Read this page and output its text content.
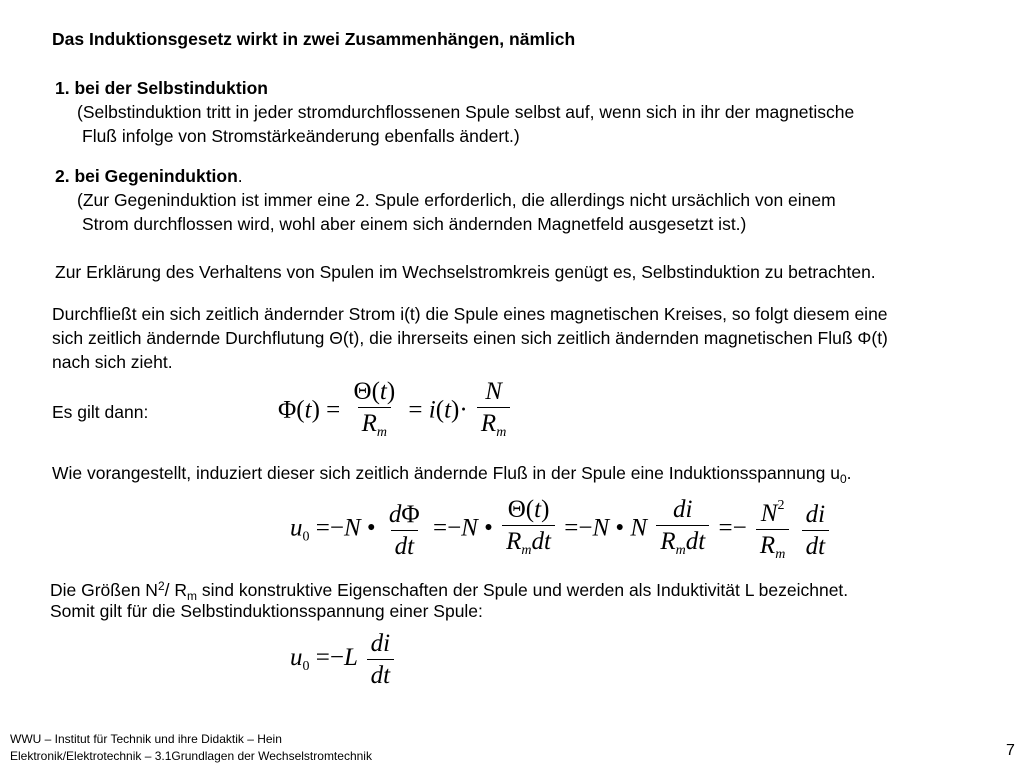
Das Induktionsgesetz wirkt in zwei Zusammenhängen, nämlich
1. bei der Selbstinduktion
(Selbstinduktion tritt in jeder stromdurchflossenen Spule selbst auf, wenn sich in ihr der magnetische
Fluß infolge von Stromstärkeänderung ebenfalls ändert.)
2. bei Gegeninduktion.
(Zur Gegeninduktion ist immer eine 2. Spule erforderlich, die allerdings nicht ursächlich von einem
Strom durchflossen wird, wohl aber einem sich ändernden Magnetfeld ausgesetzt ist.)
Zur Erklärung des Verhaltens von Spulen im Wechselstromkreis genügt es, Selbstinduktion zu betrachten.
Durchfließt ein sich zeitlich ändernder Strom i(t) die Spule eines magnetischen Kreises, so folgt diesem eine
sich zeitlich ändernde Durchflutung Θ(t), die ihrerseits einen sich zeitlich ändernden magnetischen Fluß Φ(t)
nach sich zieht.
Es gilt dann:	$\Phi(t) = \frac{\Theta(t)}{R_m} = i(t)\cdot \frac{N}{R_m}$
Wie vorangestellt, induziert dieser sich zeitlich ändernde Fluß in der Spule eine Induktionsspannung $u_0$.
$u_0 =-N$ • $\frac{d\Phi}{dt} =-N$ • $\frac{\Theta(t)}{R_mdt} =-N$ • N $\frac{di}{R_mdt} =- \frac{N^2}{R_m}$
$\frac{di}{dt}$
Die Größen $N^2/$ $R_m$ sind konstruktive Eigenschaften der Spule und werden als Induktivität L bezeichnet.
Somit gilt für die Selbstinduktionsspannung einer Spule:
$u_0 =-L \frac{di}{dt}$
WWU – Institut für Technik und ihre Didaktik – Hein
Elektronik/Elektrotechnik – 3.1Grundlagen der Wechselstromtechnik	7
